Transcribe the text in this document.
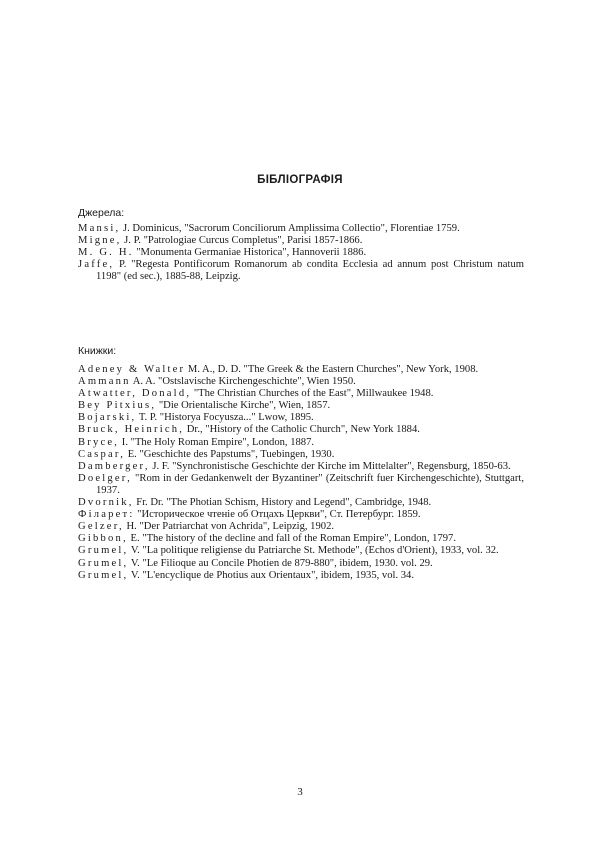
БІБЛІОГРАФІЯ
Джерела:
Mansi, J. Dominicus, "Sacrorum Conciliorum Amplissima Collectio", Florentiae 1759.
Migne, J. P. "Patrologiae Curcus Completus", Parisi 1857-1866.
M. G. H. "Monumenta Germaniae Historica", Hannoverii 1886.
Jaffe, P. "Regesta Pontificorum Romanorum ab condita Ecclesia ad annum post Christum natum 1198" (ed sec.), 1885-88, Leipzig.
Книжки:
Adeney & Walter M. A., D. D. "The Greek & the Eastern Churches", New York, 1908.
Ammann A. A. "Ostslavische Kirchengeschichte", Wien 1950.
Atwatter, Donald, "The Christian Churches of the East", Millwaukee 1948.
Bey Pitxius, "Die Orientalische Kirche", Wien, 1857.
Bojarski, T. P. "Historya Focyusza..." Lwow, 1895.
Bruck, Heinrich, Dr., "History of the Catholic Church", New York 1884.
Bryce, I. "The Holy Roman Empire", London, 1887.
Caspar, E. "Geschichte des Papstums", Tuebingen, 1930.
Damberger, J. F. "Synchronistische Geschichte der Kirche im Mittelalter", Regensburg, 1850-63.
Doelger, "Rom in der Gedankenwelt der Byzantiner" (Zeitschrift fuer Kirchengeschichte), Stuttgart, 1937.
Dvornik, Fr. Dr. "The Photian Schism, History and Legend", Cambridge, 1948.
Філарет: "Историческое чтеніе об Отцахъ Церкви", Ст. Петербург. 1859.
Gelzer, H. "Der Patriarchat von Achrida", Leipzig, 1902.
Gibbon, E. "The history of the decline and fall of the Roman Empire", London, 1797.
Grumel, V. "La politique religiense du Patriarche St. Methode", (Echos d'Orient), 1933, vol. 32.
Grumel, V. "Le Filioque au Concile Photien de 879-880", ibidem, 1930. vol. 29.
Grumel, V. "L'encyclique de Photius aux Orientaux", ibidem, 1935, vol. 34.
3
